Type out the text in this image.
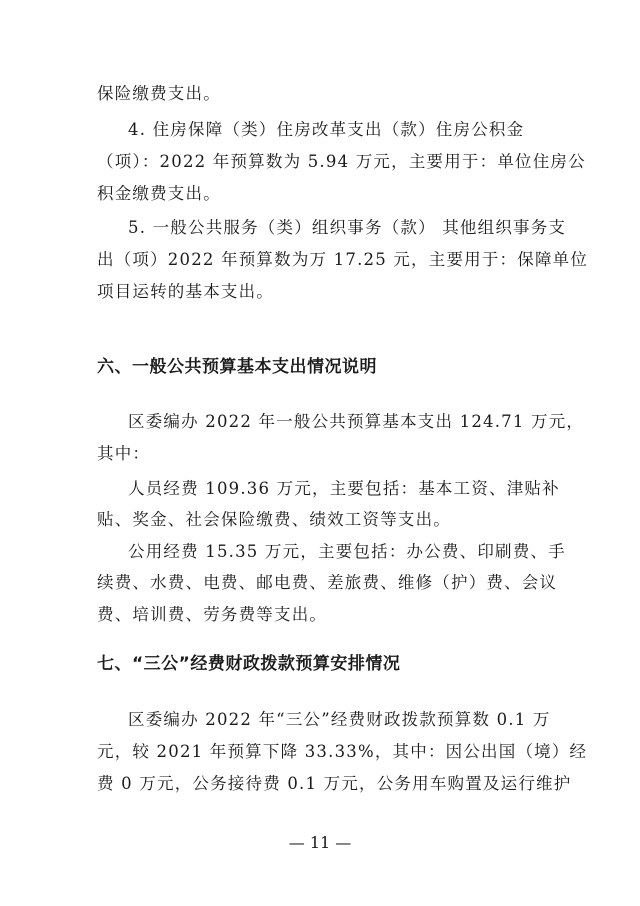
保险缴费支出。
4. 住房保障（类）住房改革支出（款）住房公积金
（项）：2022 年预算数为 5.94 万元，主要用于：单位住房公
积金缴费支出。
5. 一般公共服务（类）组织事务（款） 其他组织事务支
出（项）2022 年预算数为万 17.25 元，主要用于：保障单位
项目运转的基本支出。
六、一般公共预算基本支出情况说明
区委编办 2022 年一般公共预算基本支出 124.71 万元，
其中：
人员经费 109.36 万元，主要包括：基本工资、津贴补
贴、奖金、社会保险缴费、绩效工资等支出。
公用经费 15.35 万元，主要包括：办公费、印刷费、手
续费、水费、电费、邮电费、差旅费、维修（护）费、会议
费、培训费、劳务费等支出。
七、“三公”经费财政拨款预算安排情况
区委编办 2022 年“三公”经费财政拨款预算数 0.1 万
元，较 2021 年预算下降 33.33%，其中：因公出国（境）经
费 0 万元，公务接待费 0.1 万元，公务用车购置及运行维护
— 11 —
